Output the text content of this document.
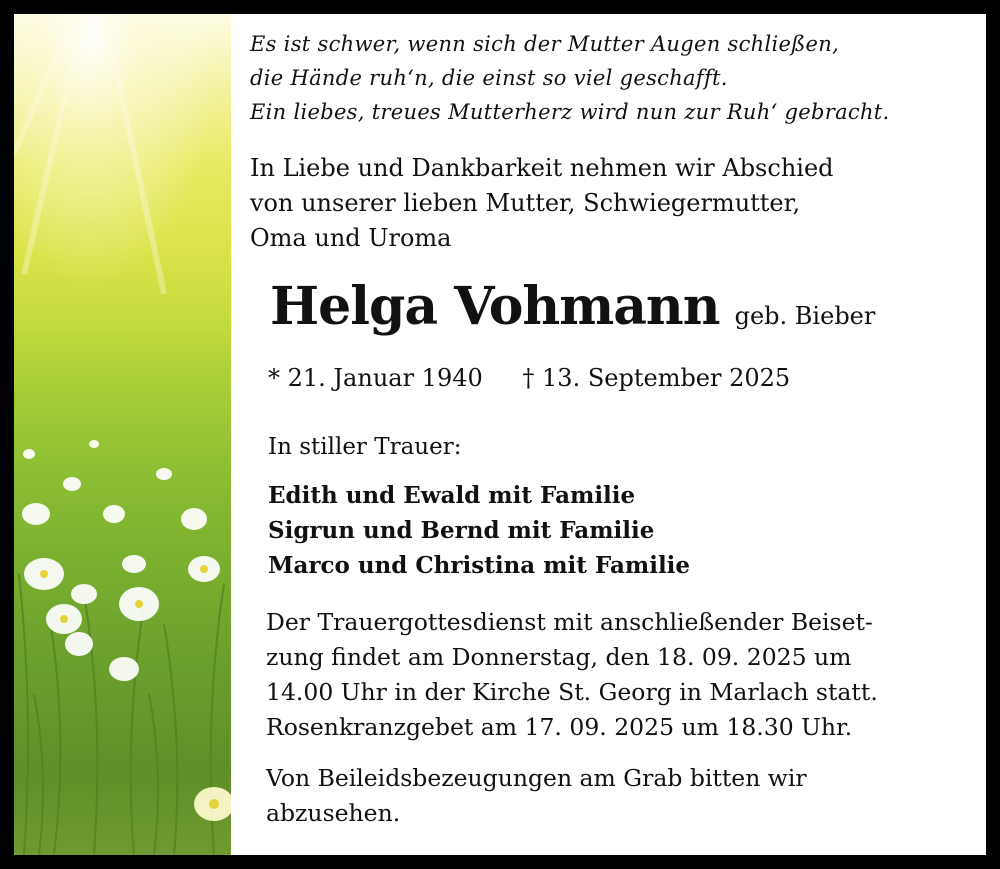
Es ist schwer, wenn sich der Mutter Augen schließen,
die Hände ruh‘n, die einst so viel geschafft.
Ein liebes, treues Mutterherz wird nun zur Ruh‘ gebracht.
In Liebe und Dankbarkeit nehmen wir Abschied
von unserer lieben Mutter, Schwiegermutter,
Oma und Uroma
Helga Vohmann geb. Bieber
* 21. Januar 1940 † 13. September 2025
In stiller Trauer:
Edith und Ewald mit Familie
Sigrun und Bernd mit Familie
Marco und Christina mit Familie
Der Trauergottesdienst mit anschließender Beiset-
zung findet am Donnerstag, den 18. 09. 2025 um
14.00 Uhr in der Kirche St. Georg in Marlach statt.
Rosenkranzgebet am 17. 09. 2025 um 18.30 Uhr.
Von Beileidsbezeugungen am Grab bitten wir
abzusehen.
